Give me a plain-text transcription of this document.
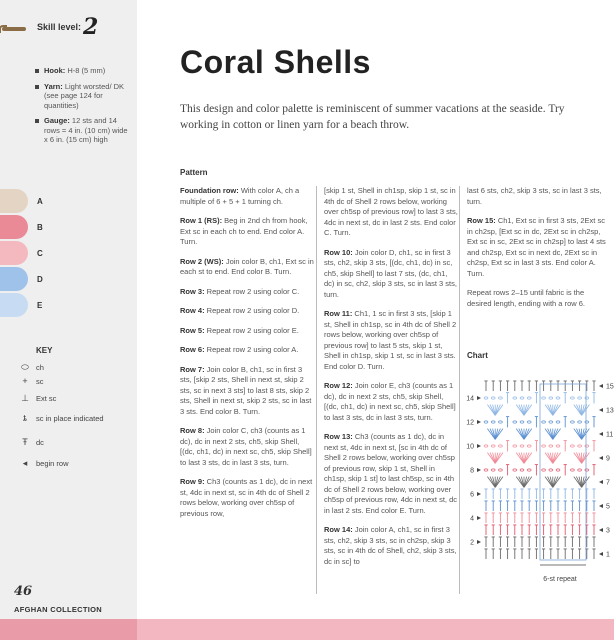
Skill level: 2
Hook: H-8 (5 mm)
Yarn: Light worsted/ DK (see page 124 for quantities)
Gauge: 12 sts and 14 rows = 4 in. (10 cm) wide x 6 in. (15 cm) high
A
B
C
D
E
KEY
⬭ ch
+	sc
⊥ Ext sc
ȶ	sc in place indicated
Ŧ	dc
◂	begin row
46
AFGHAN COLLECTION
Coral Shells
This design and color palette is reminiscent of summer vacations at the seaside. Try working in cotton or linen yarn for a beach throw.
Pattern

Foundation row: With color A, ch a multiple of 6 + 5 + 1 turning ch.

Row 1 (RS): Beg in 2nd ch from hook, Ext sc in each ch to end. End color A. Turn.

Row 2 (WS): Join color B, ch1, Ext sc in each st to end. End color B. Turn.

Row 3: Repeat row 2 using color C.

Row 4: Repeat row 2 using color D.

Row 5: Repeat row 2 using color E.

Row 6: Repeat row 2 using color A.

Row 7: Join color B, ch1, sc in first 3 sts, [skip 2 sts, Shell in next st, skip 2 sts, sc in next 3 sts] to last 8 sts, skip 2 sts, Shell in next st, skip 2 sts, sc in last 3 sts. End color B. Turn.

Row 8: Join color C, ch3 (counts as 1 dc), dc in next 2 sts, ch5, skip Shell, [(dc, ch1, dc) in next sc, ch5, skip Shell] to last 3 sts, dc in last 3 sts, turn.

Row 9: Ch3 (counts as 1 dc), dc in next st, 4dc in next st, sc in 4th dc of Shell 2 rows below, working over ch5sp of previous row,

[skip 1 st, Shell in ch1sp, skip 1 st, sc in 4th dc of Shell 2 rows below, working over ch5sp of previous row] to last 3 sts, 4dc in next st, dc in last 2 sts. End color C. Turn.

Row 10: Join color D, ch1, sc in first 3 sts, ch2, skip 3 sts, [(dc, ch1, dc) in sc, ch5, skip Shell] to last 7 sts, (dc, ch1, dc) in sc, ch2, skip 3 sts, sc in last 3 sts, turn.

Row 11: Ch1, 1 sc in first 3 sts, [skip 1 st, Shell in ch1sp, sc in 4th dc of Shell 2 rows below, working over ch5sp of previous row] to last 5 sts, skip 1 st, Shell in ch1sp, skip 1 st, sc in last 3 sts. End color D. Turn.

Row 12: Join color E, ch3 (counts as 1 dc), dc in next 2 sts, ch5, skip Shell, [(dc, ch1, dc) in next sc, ch5, skip Shell] to last 3 sts, dc in last 3 sts, turn.

Row 13: Ch3 (counts as 1 dc), dc in next st, 4dc in next st, [sc in 4th dc of Shell 2 rows below, working over ch5sp of previous row, skip 1 st, Shell in ch1sp, skip 1 st] to last ch5sp, sc in 4th dc of Shell 2 rows below, working over ch5sp of previous row, 4dc in next st, dc in last 2 sts. End color E. Turn.

Row 14: Join color A, ch1, sc in first 3 sts, ch2, skip 3 sts, sc in ch2sp, skip 3 sts, sc in 4th dc of Shell, ch2, skip 3 sts, dc in sc] to

last 6 sts, ch2, skip 3 sts, sc in last 3 sts, turn.

Row 15: Ch1, Ext sc in first 3 sts, 2Ext sc in ch2sp, [Ext sc in dc, 2Ext sc in ch2sp, Ext sc in sc, 2Ext sc in ch2sp] to last 4 sts and ch2sp, Ext sc in next dc, 2Ext sc in ch2sp, Ext sc in last 3 sts. End color A. Turn.

Repeat rows 2–15 until fabric is the desired length, ending with a row 6.

Chart
14
12
10
8
6
4
2
15
13
11
9
7
5
3
1
6-st repeat
